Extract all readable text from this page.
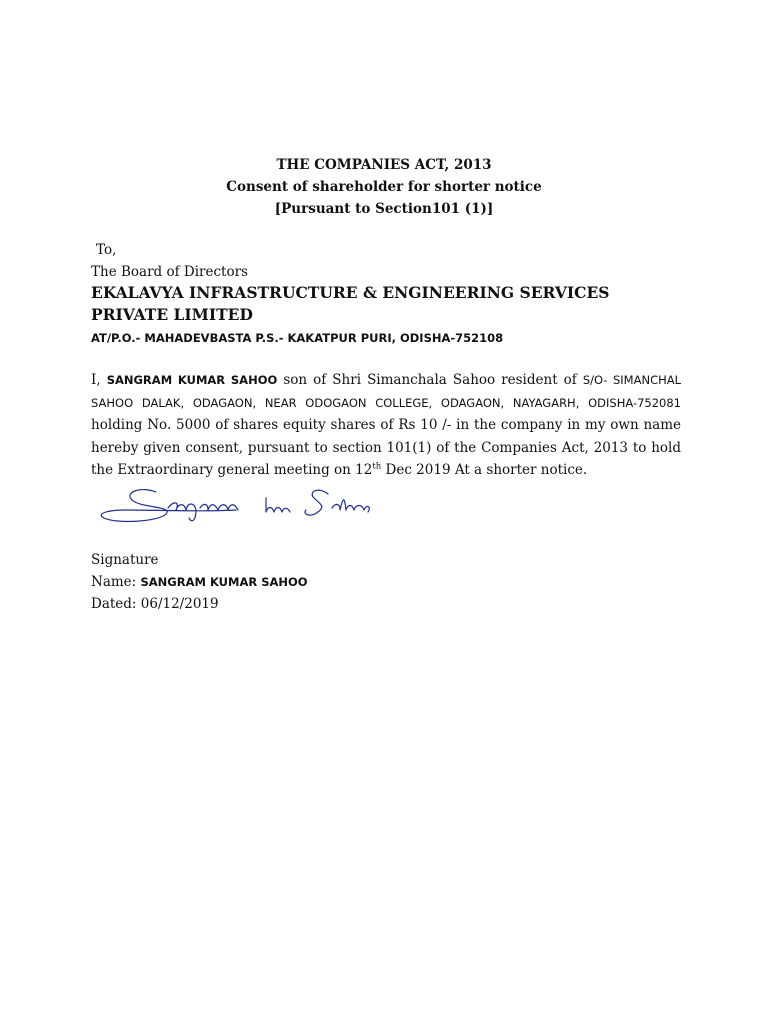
THE COMPANIES ACT, 2013
Consent of shareholder for shorter notice
[Pursuant to Section101 (1)]
To,
The Board of Directors
EKALAVYA INFRASTRUCTURE & ENGINEERING SERVICES PRIVATE LIMITED
AT/P.O.- MAHADEVBASTA P.S.- KAKATPUR PURI, ODISHA-752108
I, SANGRAM KUMAR SAHOO son of Shri Simanchala Sahoo resident of S/O- SIMANCHAL SAHOO DALAK, ODAGAON, NEAR ODOGAON COLLEGE, ODAGAON, NAYAGARH, ODISHA-752081 holding No. 5000 of shares equity shares of Rs 10 /- in the company in my own name hereby given consent, pursuant to section 101(1) of the Companies Act, 2013 to hold the Extraordinary general meeting on 12th Dec 2019 At a shorter notice.
Signature
Name: SANGRAM KUMAR SAHOO
Dated: 06/12/2019
